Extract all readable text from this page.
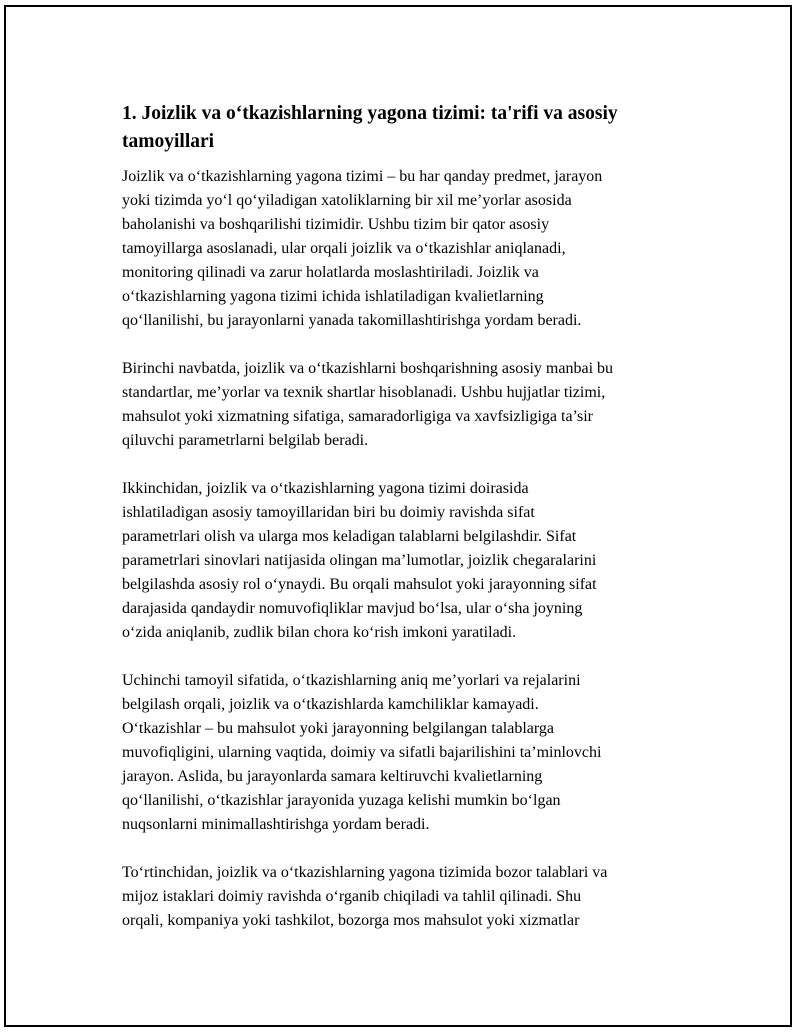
1. Joizlik va o‘tkazishlarning yagona tizimi: ta'rifi va asosiy
tamoyillari

Joizlik va o‘tkazishlarning yagona tizimi – bu har qanday predmet, jarayon
yoki tizimda yo‘l qo‘yiladigan xatoliklarning bir xil me’yorlar asosida
baholanishi va boshqarilishi tizimidir. Ushbu tizim bir qator asosiy
tamoyillarga asoslanadi, ular orqali joizlik va o‘tkazishlar aniqlanadi,
monitoring qilinadi va zarur holatlarda moslashtiriladi. Joizlik va
o‘tkazishlarning yagona tizimi ichida ishlatiladigan kvalietlarning
qo‘llanilishi, bu jarayonlarni yanada takomillashtirishga yordam beradi.

Birinchi navbatda, joizlik va o‘tkazishlarni boshqarishning asosiy manbai bu
standartlar, me’yorlar va texnik shartlar hisoblanadi. Ushbu hujjatlar tizimi,
mahsulot yoki xizmatning sifatiga, samaradorligiga va xavfsizligiga ta’sir
qiluvchi parametrlarni belgilab beradi.

Ikkinchidan, joizlik va o‘tkazishlarning yagona tizimi doirasida
ishlatiladigan asosiy tamoyillaridan biri bu doimiy ravishda sifat
parametrlari olish va ularga mos keladigan talablarni belgilashdir. Sifat
parametrlari sinovlari natijasida olingan ma’lumotlar, joizlik chegaralarini
belgilashda asosiy rol o‘ynaydi. Bu orqali mahsulot yoki jarayonning sifat
darajasida qandaydir nomuvofiqliklar mavjud bo‘lsa, ular o‘sha joyning
o‘zida aniqlanib, zudlik bilan chora ko‘rish imkoni yaratiladi.

Uchinchi tamoyil sifatida, o‘tkazishlarning aniq me’yorlari va rejalarini
belgilash orqali, joizlik va o‘tkazishlarda kamchiliklar kamayadi.
O‘tkazishlar – bu mahsulot yoki jarayonning belgilangan talablarga
muvofiqligini, ularning vaqtida, doimiy va sifatli bajarilishini ta’minlovchi
jarayon. Aslida, bu jarayonlarda samara keltiruvchi kvalietlarning
qo‘llanilishi, o‘tkazishlar jarayonida yuzaga kelishi mumkin bo‘lgan
nuqsonlarni minimallashtirishga yordam beradi.

To‘rtinchidan, joizlik va o‘tkazishlarning yagona tizimida bozor talablari va
mijoz istaklari doimiy ravishda o‘rganib chiqiladi va tahlil qilinadi. Shu
orqali, kompaniya yoki tashkilot, bozorga mos mahsulot yoki xizmatlar
